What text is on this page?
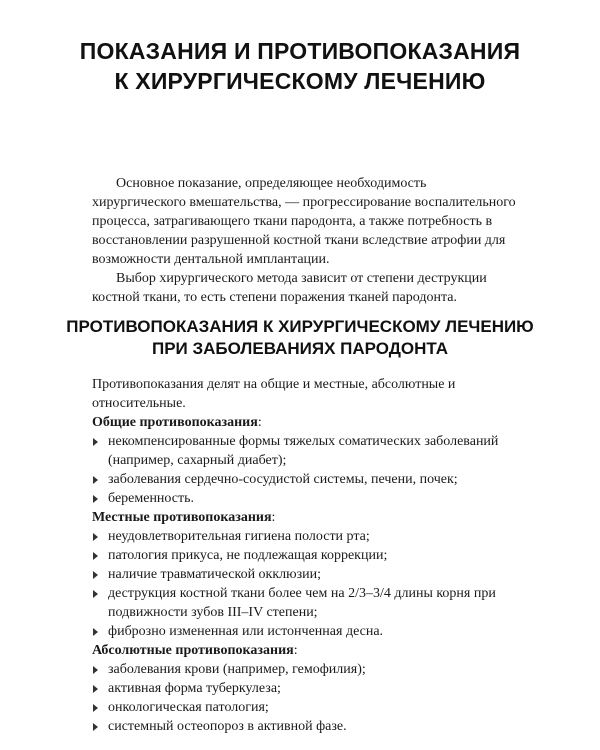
ПОКАЗАНИЯ И ПРОТИВОПОКАЗАНИЯ
К ХИРУРГИЧЕСКОМУ ЛЕЧЕНИЮ

Основное показание, определяющее необходимость хирургического вмешательства, — прогрессирование воспалительного процесса, затрагивающего ткани пародонта, а также потребность в восстановлении разрушенной костной ткани вследствие атрофии для возможности дентальной имплантации.

Выбор хирургического метода зависит от степени деструкции костной ткани, то есть степени поражения тканей пародонта.

ПРОТИВОПОКАЗАНИЯ К ХИРУРГИЧЕСКОМУ ЛЕЧЕНИЮ
ПРИ ЗАБОЛЕВАНИЯХ ПАРОДОНТА

Противопоказания делят на общие и местные, абсолютные и относительные.

Общие противопоказания:

некомпенсированные формы тяжелых соматических заболеваний (например, сахарный диабет);
заболевания сердечно-сосудистой системы, печени, почек;
беременность.

Местные противопоказания:

неудовлетворительная гигиена полости рта;
патология прикуса, не подлежащая коррекции;
наличие травматической окклюзии;
деструкция костной ткани более чем на 2/3–3/4 длины корня при подвижности зубов III–IV степени;
фиброзно измененная или истонченная десна.

Абсолютные противопоказания:

заболевания крови (например, гемофилия);
активная форма туберкулеза;
онкологическая патология;
системный остеопороз в активной фазе.
